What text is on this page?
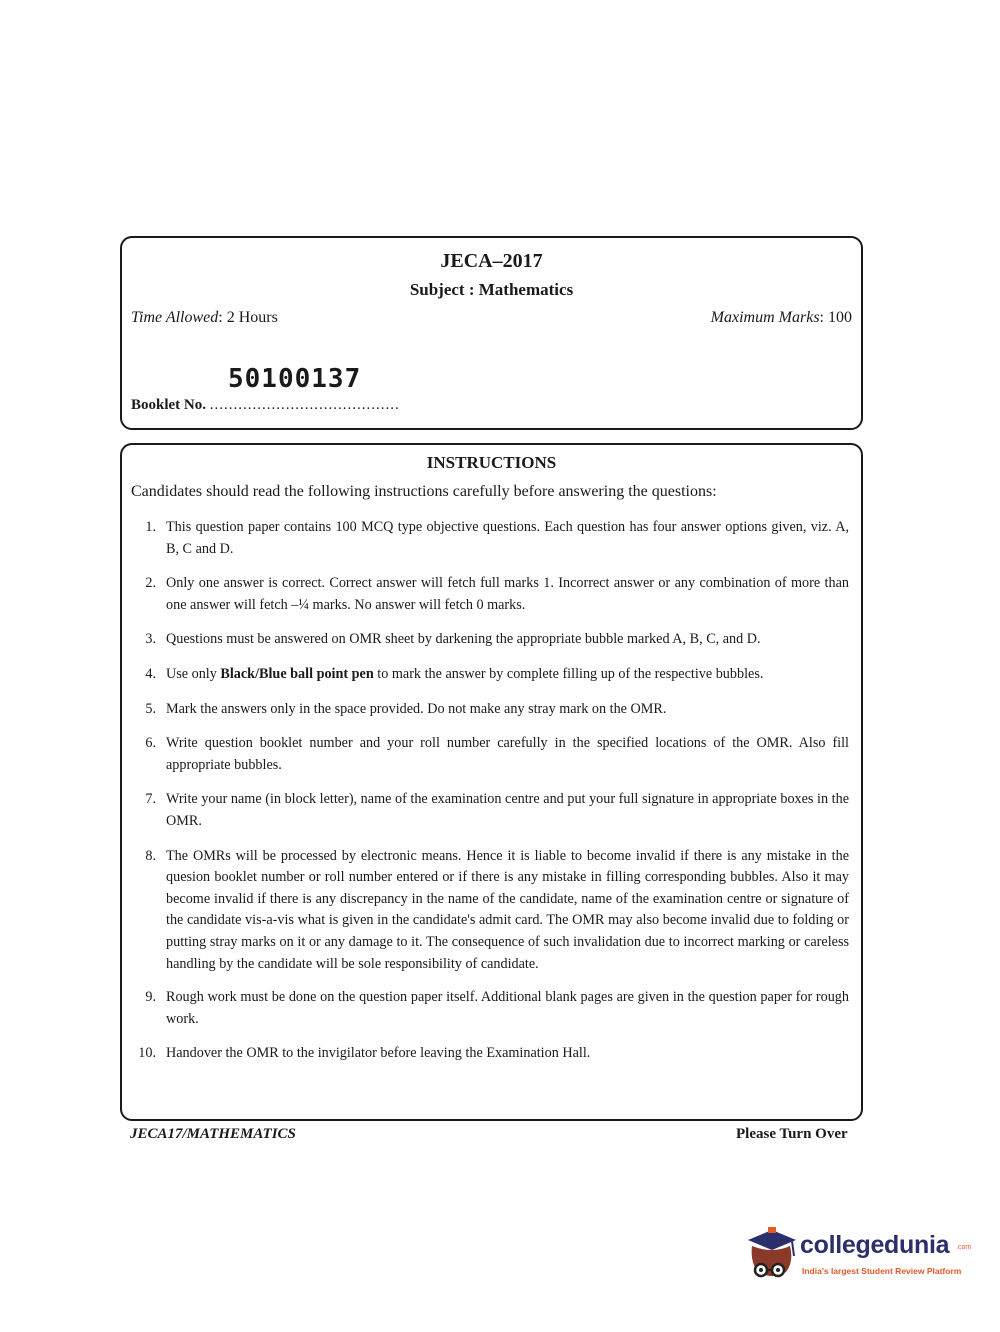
JECA–2017
Subject : Mathematics
Time Allowed: 2 Hours	Maximum Marks: 100
50100137
Booklet No. ........................................
INSTRUCTIONS
Candidates should read the following instructions carefully before answering the questions:
1. This question paper contains 100 MCQ type objective questions. Each question has four answer options given, viz. A, B, C and D.
2. Only one answer is correct. Correct answer will fetch full marks 1. Incorrect answer or any combination of more than one answer will fetch –¼ marks. No answer will fetch 0 marks.
3. Questions must be answered on OMR sheet by darkening the appropriate bubble marked A, B, C, and D.
4. Use only Black/Blue ball point pen to mark the answer by complete filling up of the respective bubbles.
5. Mark the answers only in the space provided. Do not make any stray mark on the OMR.
6. Write question booklet number and your roll number carefully in the specified locations of the OMR. Also fill appropriate bubbles.
7. Write your name (in block letter), name of the examination centre and put your full signature in appropriate boxes in the OMR.
8. The OMRs will be processed by electronic means. Hence it is liable to become invalid if there is any mistake in the quesion booklet number or roll number entered or if there is any mistake in filling corresponding bubbles. Also it may become invalid if there is any discrepancy in the name of the candidate, name of the examination centre or signature of the candidate vis-a-vis what is given in the candidate's admit card. The OMR may also become invalid due to folding or putting stray marks on it or any damage to it. The consequence of such invalidation due to incorrect marking or careless handling by the candidate will be sole responsibility of candidate.
9. Rough work must be done on the question paper itself. Additional blank pages are given in the question paper for rough work.
10. Handover the OMR to the invigilator before leaving the Examination Hall.
JECA17/MATHEMATICS	Please Turn Over
collegedunia .com
India's largest Student Review Platform
